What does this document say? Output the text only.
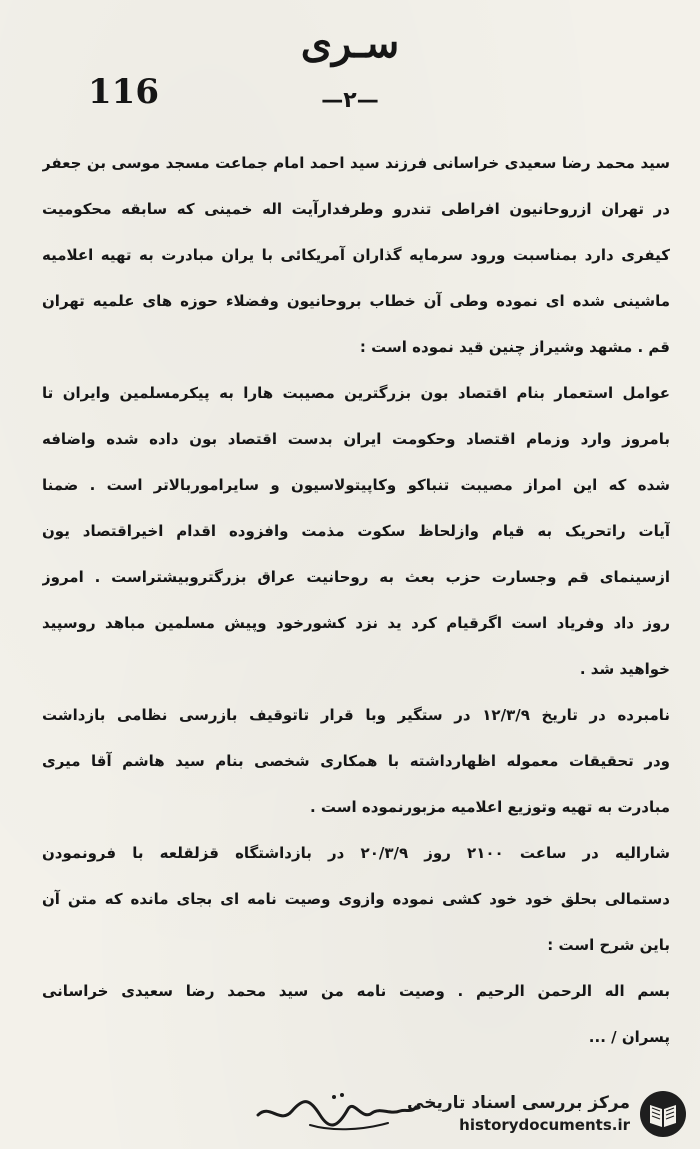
سـری
116	—۲—
سید محمد رضا سعیدی خراسانی فرزند سید احمد امام جماعت مسجد موسی بن جعفر
در تهران ازروحانیون افراطی تندرو وطرفدارآیت اله خمینی که سابقه محکومیت
کیفری دارد بمناسبت ورود سرمایه گذاران آمریکائی با یران مبادرت به تهیه اعلامیه
ماشینی شده ای نموده وطی آن خطاب بروحانیون وفضلاء حوزه های علمیه تهران
قم . مشهد وشیراز چنین قید نموده است :
عوامل استعمار بنام اقتصاد بون بزرگترین مصیبت هارا به پیکرمسلمین وایران تا
بامروز وارد وزمام اقتصاد وحکومت ایران بدست اقتصاد بون داده شده واضافه
شده که این امراز مصیبت تنباکو وکاپیتولاسیون و سایرامورباﻻتر است . ضمنا
آیات راتحریک به قیام وازلحاظ سکوت مذمت وافزوده اقدام اخیراقتصاد یون
ازسینمای قم وجسارت حزب بعث به روحانیت عراق بزرگتروبیشتراست . امروز
روز داد وفریاد است اگرقیام کرد ید نزد کشورخود وپیش مسلمین مباهد روسپید
خواهید شد .
نامبرده در تاریخ ۱۲/۳/۹ در ستگیر وبا قرار تاتوقیف بازرسی نظامی بازداشت
ودر تحقیقات معموله اظهارداشته با همکاری شخصی بنام سید هاشم آقا میری
مبادرت به تهیه وتوزیع اعلامیه مزبورنموده است .
شارالیه در ساعت ۲۱۰۰ روز ۲۰/۳/۹ در بازداشتگاه قزلقلعه با فرونمودن
دستمالی بحلق خود خود کشی نموده وازوی وصیت نامه ای بجای مانده که متن آن
باین شرح است :
بسم اله الرحمن الرحیم . وصیت نامه من سید محمد رضا سعیدی خراسانی
پسران / ...
مرکز بررسی اسناد تاریخی
historydocuments.ir
